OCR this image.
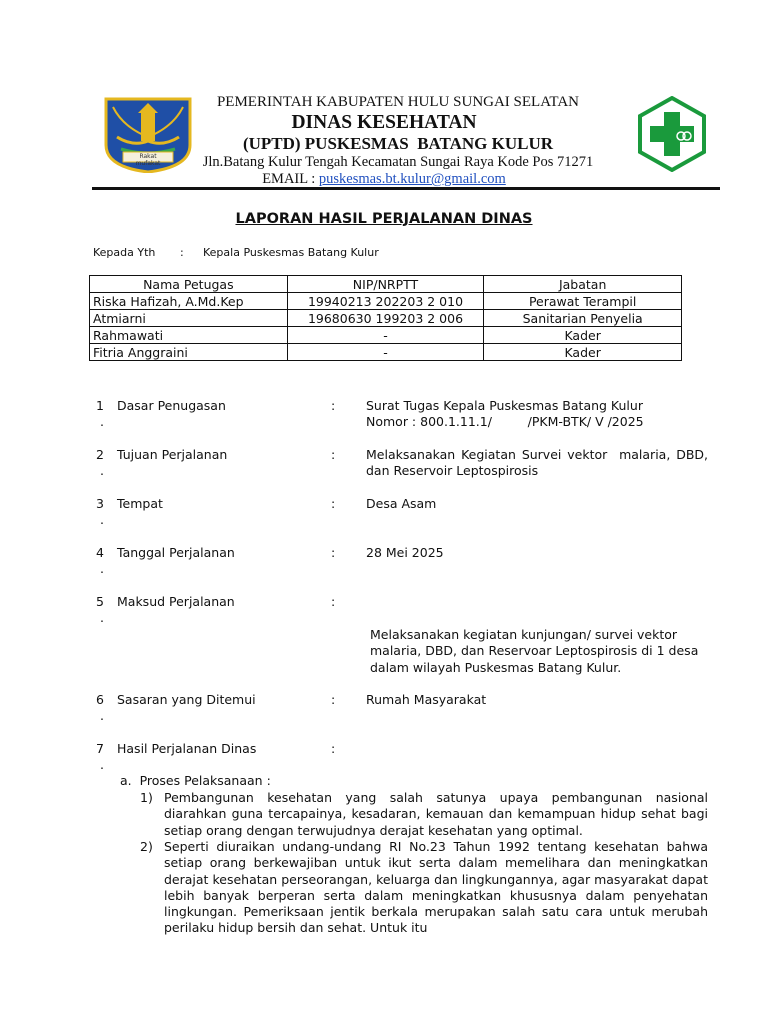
Rakat mufakat
PEMERINTAH KABUPATEN HULU SUNGAI SELATAN
DINAS KESEHATAN
(UPTD) PUSKESMAS  BATANG KULUR
Jln.Batang Kulur Tengah Kecamatan Sungai Raya Kode Pos 71271
EMAIL : puskesmas.bt.kulur@gmail.com
LAPORAN HASIL PERJALANAN DINAS
Kepada Yth : Kepala Puskesmas Batang Kulur
Nama Petugas	NIP/NRPTT	Jabatan
Riska Hafizah, A.Md.Kep	19940213 202203 2 010	Perawat Terampil
Atmiarni	19680630 199203 2 006	Sanitarian Penyelia
Rahmawati	-	Kader
Fitria Anggraini	-	Kader
1
.
Dasar Penugasan	: Surat Tugas Kepala Puskesmas Batang Kulur
Nomor : 800.1.11.1/         /PKM-BTK/ V /2025
2
.
Tujuan Perjalanan	: Melaksanakan Kegiatan Survei vektor  malaria, DBD, dan Reservoir Leptospirosis
3
.
Tempat	: Desa Asam
4
.
Tanggal Perjalanan	: 28 Mei 2025
5
.
Maksud Perjalanan	:
Melaksanakan kegiatan kunjungan/ survei vektor  malaria, DBD, dan Reservoar Leptospirosis di 1 desa dalam wilayah Puskesmas Batang Kulur.
6
.
Sasaran yang Ditemui	: Rumah Masyarakat
7
.
Hasil Perjalanan Dinas	:
a.  Proses Pelaksanaan :
1) Pembangunan kesehatan yang salah satunya upaya pembangunan nasional diarahkan guna tercapainya, kesadaran, kemauan dan kemampuan hidup sehat bagi setiap orang dengan terwujudnya derajat kesehatan yang optimal.
2) Seperti diuraikan undang-undang RI No.23 Tahun 1992 tentang kesehatan bahwa setiap orang berkewajiban untuk ikut serta dalam memelihara dan meningkatkan derajat kesehatan perseorangan, keluarga dan lingkungannya, agar masyarakat dapat lebih banyak berperan serta dalam meningkatkan khususnya dalam penyehatan lingkungan. Pemeriksaan jentik berkala merupakan salah satu cara untuk merubah perilaku hidup bersih dan sehat. Untuk itu
